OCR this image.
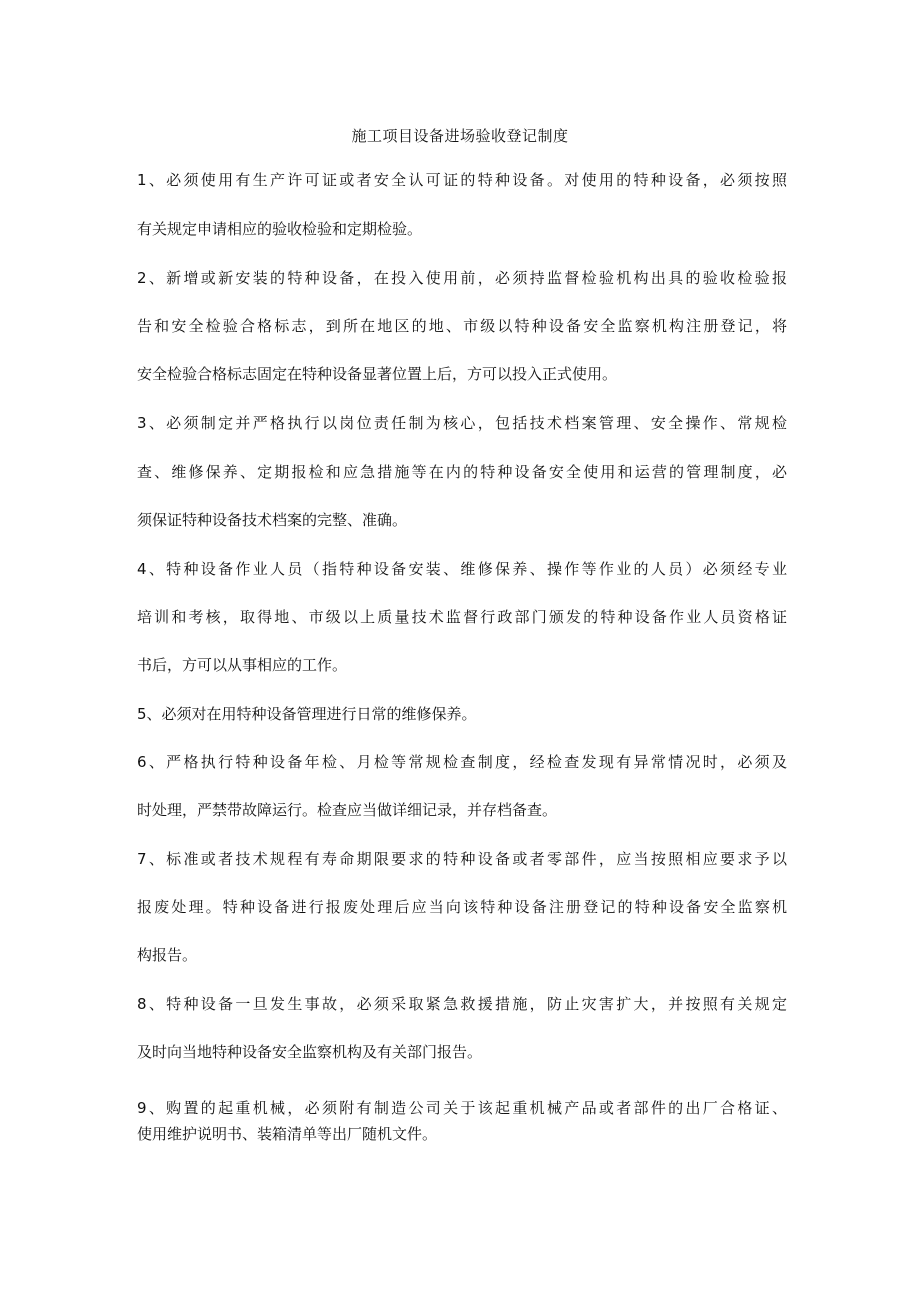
施工项目设备进场验收登记制度
1、必须使用有生产许可证或者安全认可证的特种设备。对使用的特种设备，必须按照
有关规定申请相应的验收检验和定期检验。
2、新增或新安装的特种设备，在投入使用前，必须持监督检验机构出具的验收检验报
告和安全检验合格标志，到所在地区的地、市级以特种设备安全监察机构注册登记，将
安全检验合格标志固定在特种设备显著位置上后，方可以投入正式使用。
3、必须制定并严格执行以岗位责任制为核心，包括技术档案管理、安全操作、常规检
查、维修保养、定期报检和应急措施等在内的特种设备安全使用和运营的管理制度，必
须保证特种设备技术档案的完整、准确。
4、特种设备作业人员（指特种设备安装、维修保养、操作等作业的人员）必须经专业
培训和考核，取得地、市级以上质量技术监督行政部门颁发的特种设备作业人员资格证
书后，方可以从事相应的工作。
5、必须对在用特种设备管理进行日常的维修保养。
6、严格执行特种设备年检、月检等常规检查制度，经检查发现有异常情况时，必须及
时处理，严禁带故障运行。检查应当做详细记录，并存档备查。
7、标准或者技术规程有寿命期限要求的特种设备或者零部件，应当按照相应要求予以
报废处理。特种设备进行报废处理后应当向该特种设备注册登记的特种设备安全监察机
构报告。
8、特种设备一旦发生事故，必须采取紧急救援措施，防止灾害扩大，并按照有关规定
及时向当地特种设备安全监察机构及有关部门报告。
9、购置的起重机械，必须附有制造公司关于该起重机械产品或者部件的出厂合格证、
使用维护说明书、装箱清单等出厂随机文件。
